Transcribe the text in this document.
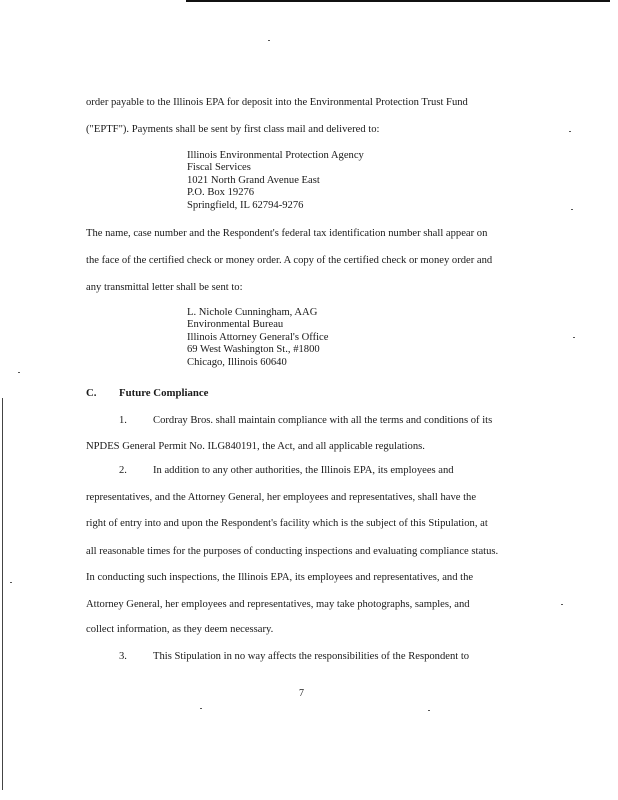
order payable to the Illinois EPA for deposit into the Environmental Protection Trust Fund
("EPTF"). Payments shall be sent by first class mail and delivered to:
Illinois Environmental Protection Agency
Fiscal Services
1021 North Grand Avenue East
P.O. Box 19276
Springfield, IL 62794-9276
The name, case number and the Respondent's federal tax identification number shall appear on
the face of the certified check or money order. A copy of the certified check or money order and
any transmittal letter shall be sent to:
L. Nichole Cunningham, AAG
Environmental Bureau
Illinois Attorney General's Office
69 West Washington St., #1800
Chicago, Illinois 60640
C. Future Compliance
1. Cordray Bros. shall maintain compliance with all the terms and conditions of its
NPDES General Permit No. ILG840191, the Act, and all applicable regulations.
2. In addition to any other authorities, the Illinois EPA, its employees and
representatives, and the Attorney General, her employees and representatives, shall have the
right of entry into and upon the Respondent's facility which is the subject of this Stipulation, at
all reasonable times for the purposes of conducting inspections and evaluating compliance status.
In conducting such inspections, the Illinois EPA, its employees and representatives, and the
Attorney General, her employees and representatives, may take photographs, samples, and
collect information, as they deem necessary.
3. This Stipulation in no way affects the responsibilities of the Respondent to
7
